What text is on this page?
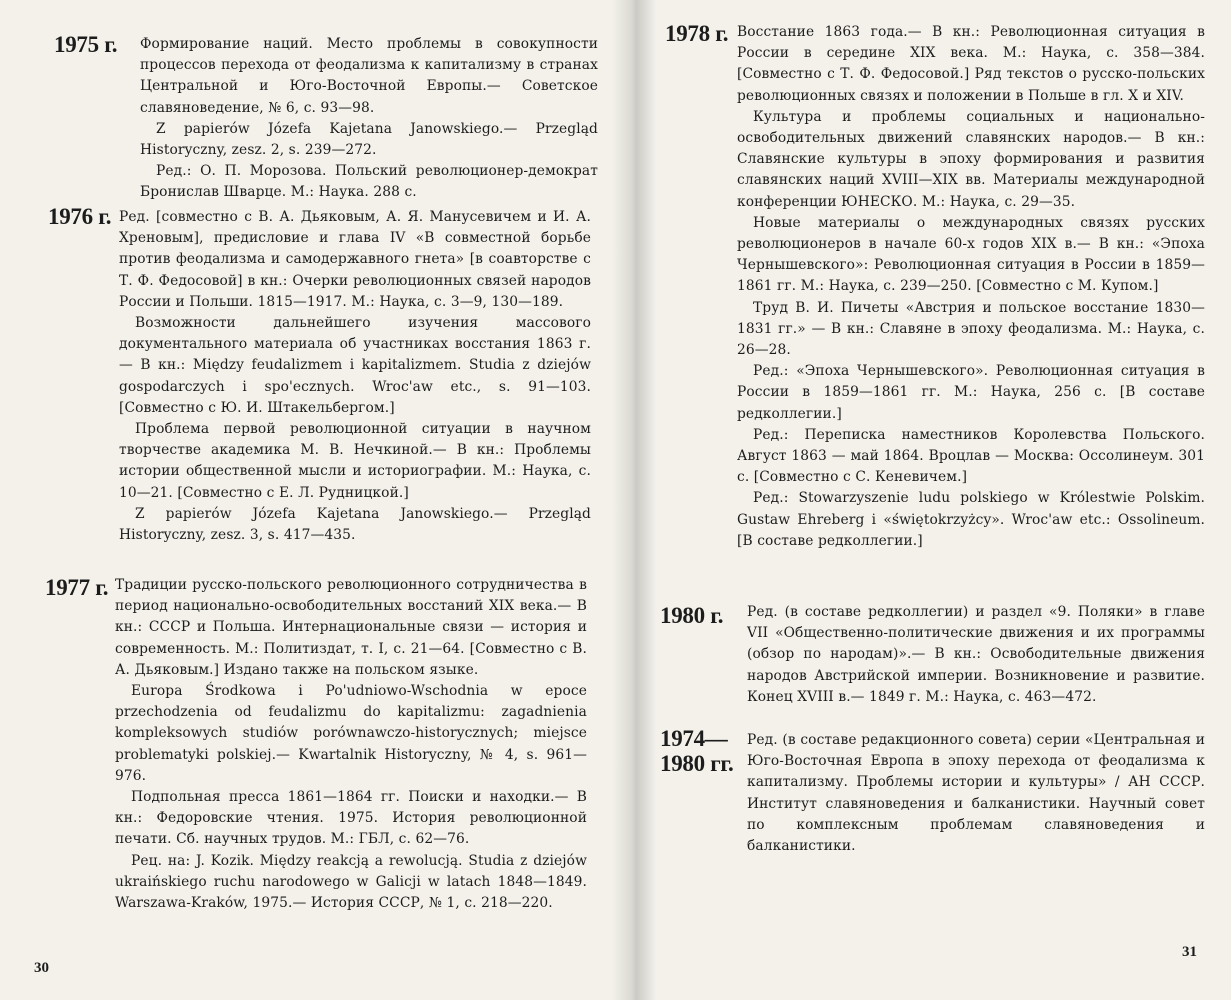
1975 г. Формирование наций. Место проблемы в совокупности процессов перехода от феодализма к капитализму в странах Центральной и Юго-Восточной Европы.— Советское славяноведение, № 6, с. 93—98.

Z papierów Józefa Kajetana Janowskiego.— Przegląd Historyczny, zesz. 2, s. 239—272.

Ред.: О. П. Морозова. Польский революционер-демократ Бронислав Шварце. М.: Наука. 288 с.

1976 г. Ред. [совместно с В. А. Дьяковым, А. Я. Манусевичем и И. А. Хреновым], предисловие и глава IV «В совместной борьбе против феодализма и самодержавного гнета» [в соавторстве с Т. Ф. Федосовой] в кн.: Очерки революционных связей народов России и Польши. 1815—1917. М.: Наука, с. 3—9, 130—189.

Возможности дальнейшего изучения массового документального материала об участниках восстания 1863 г.— В кн.: Między feudalizmem i kapitalizmem. Studia z dziejów gospodarczych i spo'ecznych. Wroc'aw etc., s. 91—103. [Совместно с Ю. И. Штакельбергом.]

Проблема первой революционной ситуации в научном творчестве академика М. В. Нечкиной.— В кн.: Проблемы истории общественной мысли и историографии. М.: Наука, с. 10—21. [Совместно с Е. Л. Рудницкой.]

Z papierów Józefa Kajetana Janowskiego.— Przegląd Historyczny, zesz. 3, s. 417—435.

1977 г. Традиции русско-польского революционного сотрудничества в период национально-освободительных восстаний XIX века.— В кн.: СССР и Польша. Интернациональные связи — история и современность. М.: Политиздат, т. I, с. 21—64. [Совместно с В. А. Дьяковым.] Издано также на польском языке.

Europa Środkowa i Po'udniowo-Wschodnia w epoce przechodzenia od feudalizmu do kapitalizmu: zagadnienia kompleksowych studiów porównawczo-historycznych; miejsce problematyki polskiej.— Kwartalnik Historyczny, № 4, s. 961—976.

Подпольная пресса 1861—1864 гг. Поиски и находки.— В кн.: Федоровские чтения. 1975. История революционной печати. Сб. научных трудов. М.: ГБЛ, с. 62—76.

Рец. на: J. Kozik. Między reakcją a rewolucją. Studia z dziejów ukraińskiego ruchu narodowego w Galicji w latach 1848—1849. Warszawa-Kraków, 1975.— История СССР, № 1, с. 218—220.

30
1978 г. Восстание 1863 года.— В кн.: Революционная ситуация в России в середине XIX века. М.: Наука, с. 358—384. [Совместно с Т. Ф. Федосовой.] Ряд текстов о русско-польских революционных связях и положении в Польше в гл. X и XIV.

Культура и проблемы социальных и национально-освободительных движений славянских народов.— В кн.: Славянские культуры в эпоху формирования и развития славянских наций XVIII—XIX вв. Материалы международной конференции ЮНЕСКО. М.: Наука, с. 29—35.

Новые материалы о международных связях русских революционеров в начале 60-х годов XIX в.— В кн.: «Эпоха Чернышевского»: Революционная ситуация в России в 1859—1861 гг. М.: Наука, с. 239—250. [Совместно с М. Купом.]

Труд В. И. Пичеты «Австрия и польское восстание 1830—1831 гг.» — В кн.: Славяне в эпоху феодализма. М.: Наука, с. 26—28.

Ред.: «Эпоха Чернышевского». Революционная ситуация в России в 1859—1861 гг. М.: Наука, 256 с. [В составе редколлегии.]

Ред.: Переписка наместников Королевства Польского. Август 1863 — май 1864. Вроцлав — Москва: Оссолинеум. 301 с. [Совместно с С. Кеневичем.]

Ред.: Stowarzyszenie ludu polskiego w Królestwie Polskim. Gustaw Ehreberg i «świętokrzyżcy». Wroc'aw etc.: Ossolineum. [В составе редколлегии.]

1980 г. Ред. (в составе редколлегии) и раздел «9. Поляки» в главе VII «Общественно-политические движения и их программы (обзор по народам)».— В кн.: Освободительные движения народов Австрийской империи. Возникновение и развитие. Конец XVIII в.— 1849 г. М.: Наука, с. 463—472.

1974—
1980 гг.

Ред. (в составе редакционного совета) серии «Центральная и Юго-Восточная Европа в эпоху перехода от феодализма к капитализму. Проблемы истории и культуры» / АН СССР. Институт славяноведения и балканистики. Научный совет по комплексным проблемам славяноведения и балканистики.

31
